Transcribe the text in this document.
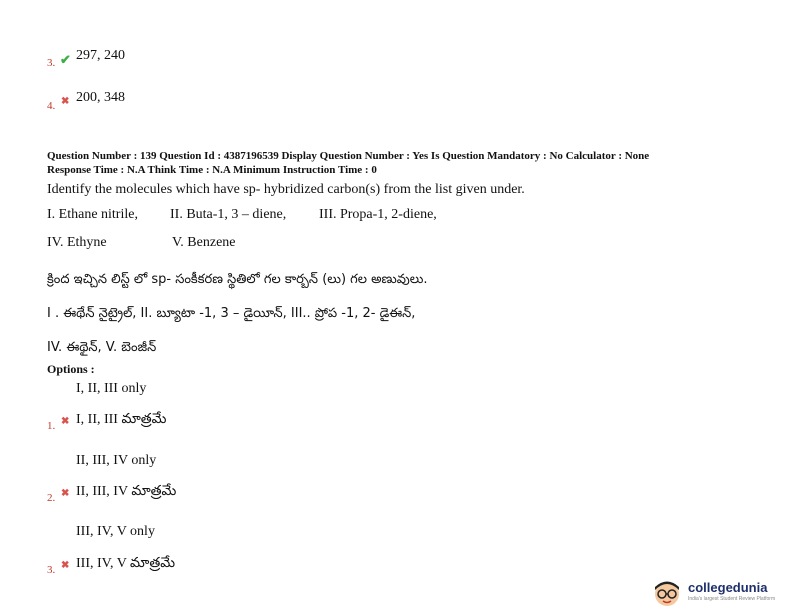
3. ✔ 297, 240
4. ✖ 200, 348
Question Number : 139 Question Id : 4387196539 Display Question Number : Yes Is Question Mandatory : No Calculator : None
Response Time : N.A Think Time : N.A Minimum Instruction Time : 0
Identify the molecules which have sp- hybridized carbon(s) from the list given under.
I. Ethane nitrile, II. Buta-1, 3 – diene, III. Propa-1, 2-diene,
IV. Ethyne	V. Benzene
క్రింద ఇచ్చిన లిస్ట్ లో sp- సంకీకరణ స్థితిలో గల కార్బన్ (లు) గల అణువులు.
I . ఈథేన్ నైట్రైల్, II. బ్యూటా -1, 3 – డైయీన్, III.. ప్రోప -1, 2- డైఈన్,
IV. ఈథైన్, V. బెంజీన్
Options :
I, II, III only
1. ✖ I, II, III మాత్రమే
II, III, IV only
2. ✖ II, III, IV మాత్రమే
III, IV, V only
3. ✖ III, IV, V మాత్రమే
collegedunia
India's largest Student Review Platform
